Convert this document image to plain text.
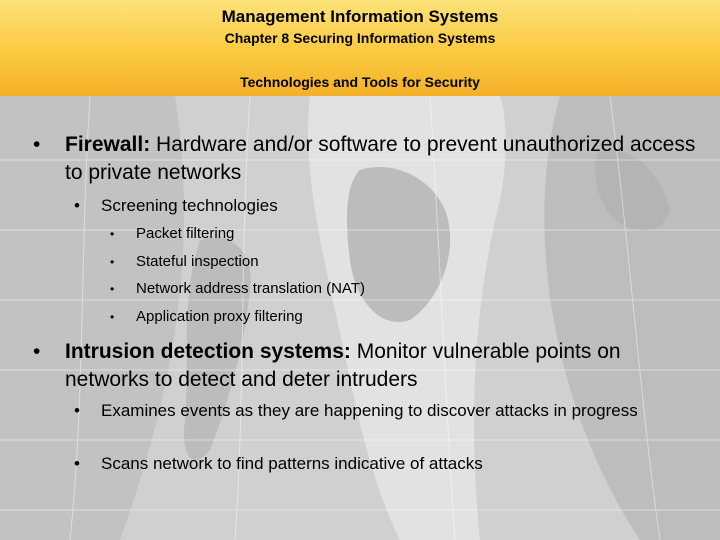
Management Information Systems
Chapter 8 Securing Information Systems
Technologies and Tools for Security
• Firewall: Hardware and/or software to prevent unauthorized access to private networks
• Screening technologies
• Packet filtering
• Stateful inspection
• Network address translation (NAT)
• Application proxy filtering
• Intrusion detection systems: Monitor vulnerable points on networks to detect and deter intruders
• Examines events as they are happening to discover attacks in progress
• Scans network to find patterns indicative of attacks
